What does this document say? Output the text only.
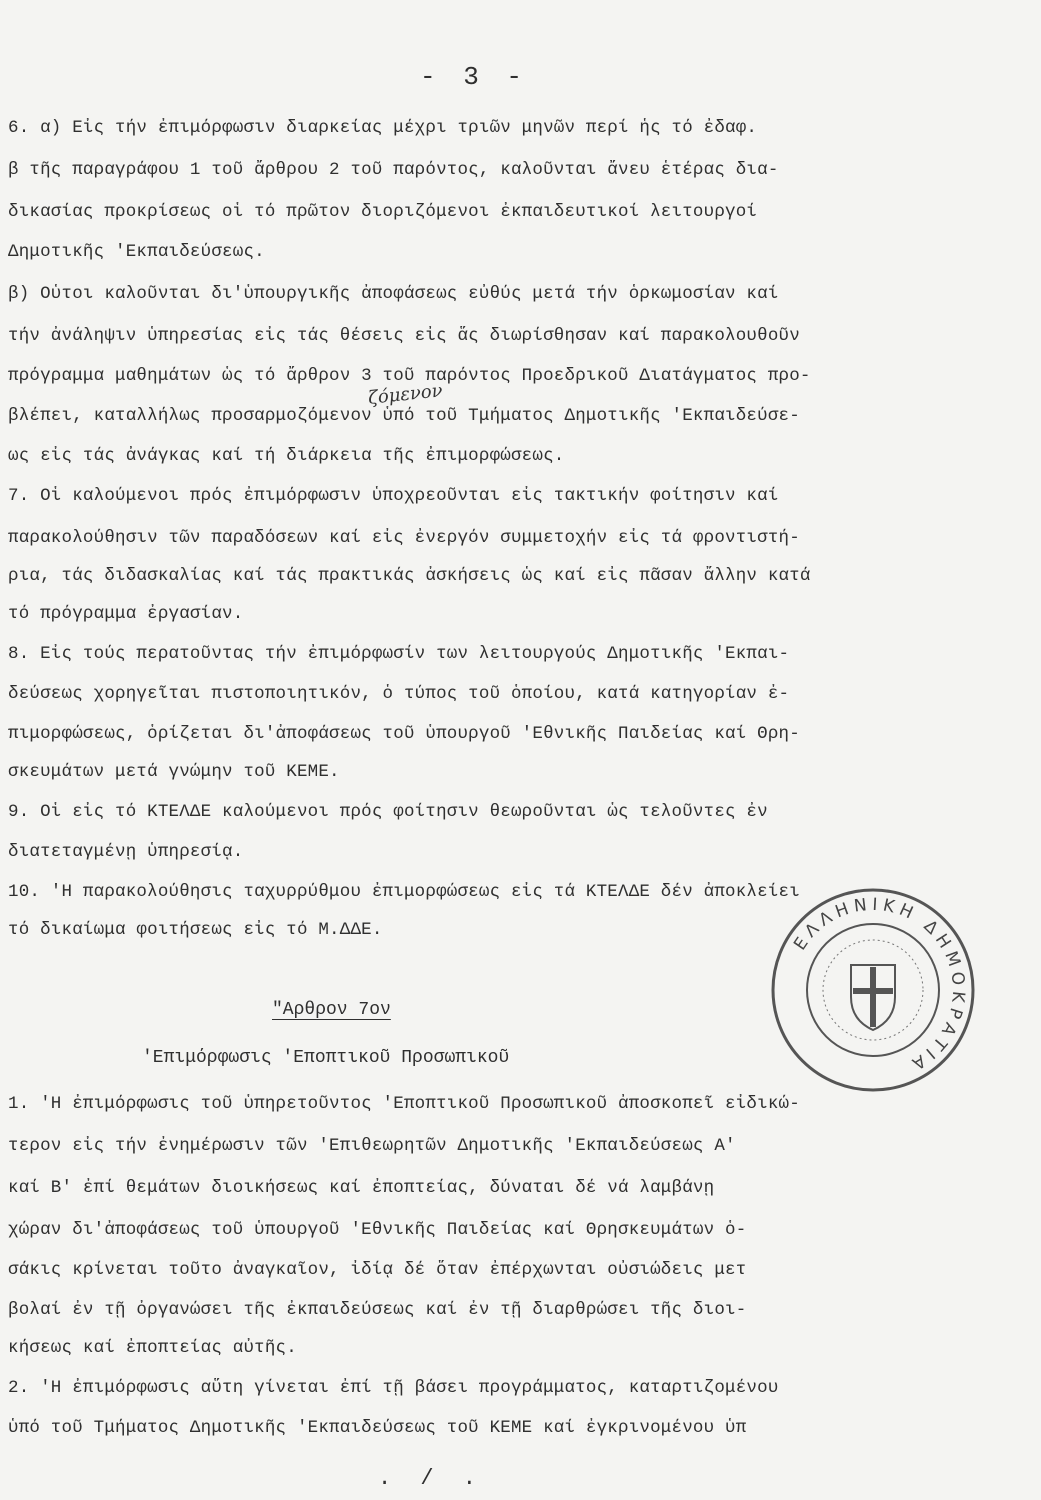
- 3 -
6. α) Εἰς τήν ἐπιμόρφωσιν διαρκείας μέχρι τριῶν μηνῶν περί ἧς τό ἐδαφ.
β τῆς παραγράφου 1 τοῦ ἄρθρου 2 τοῦ παρόντος, καλοῦνται ἄνευ ἑτέρας δια-
δικασίας προκρίσεως οἱ τό πρῶτον διοριζόμενοι ἐκπαιδευτικοί λειτουργοί
Δημοτικῆς 'Εκπαιδεύσεως.
β) Οὗτοι καλοῦνται δι'ὑπουργικῆς ἀποφάσεως εὐθύς μετά τήν ὁρκωμοσίαν καί
τήν ἀνάληψιν ὑπηρεσίας εἰς τάς θέσεις εἰς ἅς διωρίσθησαν καί παρακολουθοῦν
πρόγραμμα μαθημάτων ὡς τό ἄρθρον 3 τοῦ παρόντος Προεδρικοῦ Διατάγματος προ-
βλέπει, καταλλήλως προσαρμοζόμενον ὑπό τοῦ Τμήματος Δημοτικῆς 'Εκπαιδεύσε-
ως εἰς τάς ἀνάγκας καί τή διάρκεια τῆς ἐπιμορφώσεως.
7. Οἱ καλούμενοι πρός ἐπιμόρφωσιν ὑποχρεοῦνται εἰς τακτικήν φοίτησιν καί
παρακολούθησιν τῶν παραδόσεων καί εἰς ἐνεργόν συμμετοχήν εἰς τά φροντιστή-
ρια, τάς διδασκαλίας καί τάς πρακτικάς ἀσκήσεις ὡς καί εἰς πᾶσαν ἄλλην κατά
τό πρόγραμμα ἐργασίαν.
8. Εἰς τούς περατοῦντας τήν ἐπιμόρφωσίν των λειτουργούς Δημοτικῆς 'Εκπαι-
δεύσεως χορηγεῖται πιστοποιητικόν, ὁ τύπος τοῦ ὁποίου, κατά κατηγορίαν ἐ-
πιμορφώσεως, ὁρίζεται δι'ἀποφάσεως τοῦ ὑπουργοῦ 'Εθνικῆς Παιδείας καί Θρη-
σκευμάτων μετά γνώμην τοῦ ΚΕΜΕ.
9. Οἱ εἰς τό ΚΤΕΛΔΕ καλούμενοι πρός φοίτησιν θεωροῦνται ὡς τελοῦντες ἐν
διατεταγμένῃ ὑπηρεσίᾳ.
10. 'Η παρακολούθησις ταχυρρύθμου ἐπιμορφώσεως εἰς τά ΚΤΕΛΔΕ δέν ἀποκλείει
τό δικαίωμα φοιτήσεως εἰς τό Μ.ΔΔΕ.
ζόμενον
"Αρθρον 7ον
'Επιμόρφωσις 'Εποπτικοῦ Προσωπικοῦ
1. 'Η ἐπιμόρφωσις τοῦ ὑπηρετοῦντος 'Εποπτικοῦ Προσωπικοῦ ἀποσκοπεῖ εἰδικώ-
τερον εἰς τήν ἐνημέρωσιν τῶν 'Επιθεωρητῶν Δημοτικῆς 'Εκπαιδεύσεως Α'
καί Β' ἐπί θεμάτων διοικήσεως καί ἐποπτείας, δύναται δέ νά λαμβάνῃ
χώραν δι'ἀποφάσεως τοῦ ὑπουργοῦ 'Εθνικῆς Παιδείας καί Θρησκευμάτων ὁ-
σάκις κρίνεται τοῦτο ἀναγκαῖον, ἰδίᾳ δέ ὅταν ἐπέρχωνται οὐσιώδεις μετ
βολαί ἐν τῇ ὀργανώσει τῆς ἐκπαιδεύσεως καί ἐν τῇ διαρθρώσει τῆς διοι-
κήσεως καί ἐποπτείας αὐτῆς.
2. 'Η ἐπιμόρφωσις αὕτη γίνεται ἐπί τῇ βάσει προγράμματος, καταρτιζομένου
ὑπό τοῦ Τμήματος Δημοτικῆς 'Εκπαιδεύσεως τοῦ ΚΕΜΕ καί ἐγκρινομένου ὑπ
ΕΛΛΗΝΙΚΗ ΔΗΜΟΚΡΑΤΙΑ
. / .
